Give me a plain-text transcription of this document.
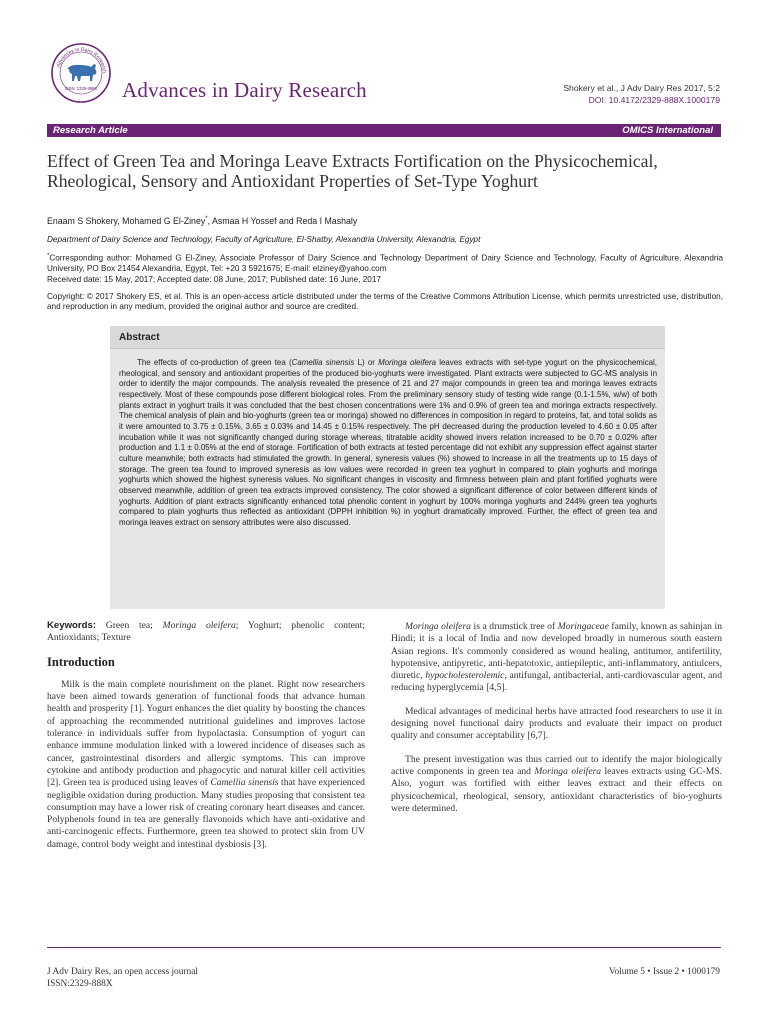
Advances in Dairy Research
ISSN: 2329-888X Advances in Dairy Research	Shokery et al., J Adv Dairy Res 2017, 5:2
DOI: 10.4172/2329-888X.1000179
Research Article	OMICS International
Effect of Green Tea and Moringa Leave Extracts Fortification on the Physicochemical, Rheological, Sensory and Antioxidant Properties of Set-Type Yoghurt
Enaam S Shokery, Mohamed G El-Ziney*, Asmaa H Yossef and Reda I Mashaly
Department of Dairy Science and Technology, Faculty of Agriculture, El-Shatby, Alexandria University, Alexandria, Egypt
*Corresponding author: Mohamed G El-Ziney, Associate Professor of Dairy Science and Technology Department of Dairy Science and Technology, Faculty of Agriculture, Alexandria University, PO Box 21454 Alexandria, Egypt, Tel: +20 3 5921675; E-mail: elziney@yahoo.com
Received date: 15 May, 2017; Accepted date: 08 June, 2017; Published date: 16 June, 2017
Copyright: © 2017 Shokery ES, et al. This is an open-access article distributed under the terms of the Creative Commons Attribution License, which permits unrestricted use, distribution, and reproduction in any medium, provided the original author and source are credited.
Abstract
The effects of co-production of green tea (Camellia sinensis L) or Moringa oleifera leaves extracts with set-type yogurt on the physicochemical, rheological, and sensory and antioxidant properties of the produced bio-yoghurts were investigated. Plant extracts were subjected to GC-MS analysis in order to identify the major compounds. The analysis revealed the presence of 21 and 27 major compounds in green tea and moringa leaves extracts respectively. Most of these compounds pose different biological roles. From the preliminary sensory study of testing wide range (0.1-1.5%, w/w) of both plants extract in yoghurt trails it was concluded that the best chosen concentrations were 1% and 0.9% of green tea and moringa extracts respectively. The chemical analysis of plain and bio-yoghurts (green tea or moringa) showed no differences in composition in regard to proteins, fat, and total solids as it were amounted to 3.75 ± 0.15%, 3.65 ± 0.03% and 14.45 ± 0.15% respectively. The pH decreased during the production leveled to 4.60 ± 0.05 after incubation while it was not significantly changed during storage whereas, titratable acidity showed invers relation increased to be 0.70 ± 0.02% after production and 1.1 ± 0.05% at the end of storage. Fortification of both extracts at tested percentage did not exhibit any suppression effect against starter culture meanwhile; both extracts had stimulated the growth. In general, syneresis values (%) showed to increase in all the treatments up to 15 days of storage. The green tea found to improved syneresis as low values were recorded in green tea yoghurt in compared to plain yoghurts and moringa yoghurts which showed the highest syneresis values. No significant changes in viscosity and firmness between plain and plant fortified yoghurts were observed meanwhile, addition of green tea extracts improved consistency. The color showed a significant difference of color between different kinds of yoghurts. Addition of plant extracts significantly enhanced total phenolic content in yoghurt by 100% moringa yoghurts and 244% green tea yoghurts compared to plain yoghurts thus reflected as antioxidant (DPPH inhibition %) in yoghurt dramatically improved. Further, the effect of green tea and moringa leaves extract on sensory attributes were also discussed.

Keywords: Green tea; Moringa oleifera; Yoghurt; phenolic content; Antioxidants; Texture

Introduction

Milk is the main complete nourishment on the planet. Right now researchers have been aimed towards generation of functional foods that advance human health and prosperity [1]. Yogurt enhances the diet quality by boosting the chances of approaching the recommended nutritional guidelines and improves lactose tolerance in individuals suffer from hypolactasia. Consumption of yogurt can enhance immune modulation linked with a lowered incidence of diseases such as cancer, gastrointestinal disorders and allergic symptoms. This can improve cytokine and antibody production and phagocytic and natural killer cell activities [2]. Green tea is produced using leaves of Camellia sinensis that have experienced negligible oxidation during production. Many studies proposing that consistent tea consumption may have a lower risk of creating coronary heart diseases and cancer. Polyphenols found in tea are generally flavonoids which have anti-oxidative and anti-carcinogenic effects. Furthermore, green tea showed to protect skin from UV damage, control body weight and intestinal dysbiosis [3].

Moringa oleifera is a drumstick tree of Moringaceae family, known as sahinjan in Hindi; it is a local of India and now developed broadly in numerous south eastern Asian regions. It's commonly considered as wound healing, antitumor, antifertility, hypotensive, antipyretic, anti-hepatotoxic, antiepileptic, anti-inflammatory, antiulcers, diuretic, hypocholesterolemic, antifungal, antibacterial, anti-cardiovascular agent, and reducing hyperglycemia [4,5].

Medical advantages of medicinal herbs have attracted food researchers to use it in designing novel functional dairy products and evaluate their impact on product quality and consumer acceptability [6,7].

The present investigation was thus carried out to identify the major biologically active components in green tea and Moringa oleifera leaves extracts using GC-MS. Also, yogurt was fortified with either leaves extract and their effects on physicochemical, rheological, sensory, antioxidant characteristics of bio-yoghurts were determined.

J Adv Dairy Res, an open access journal
ISSN:2329-888X
Volume 5 • Issue 2 • 1000179
